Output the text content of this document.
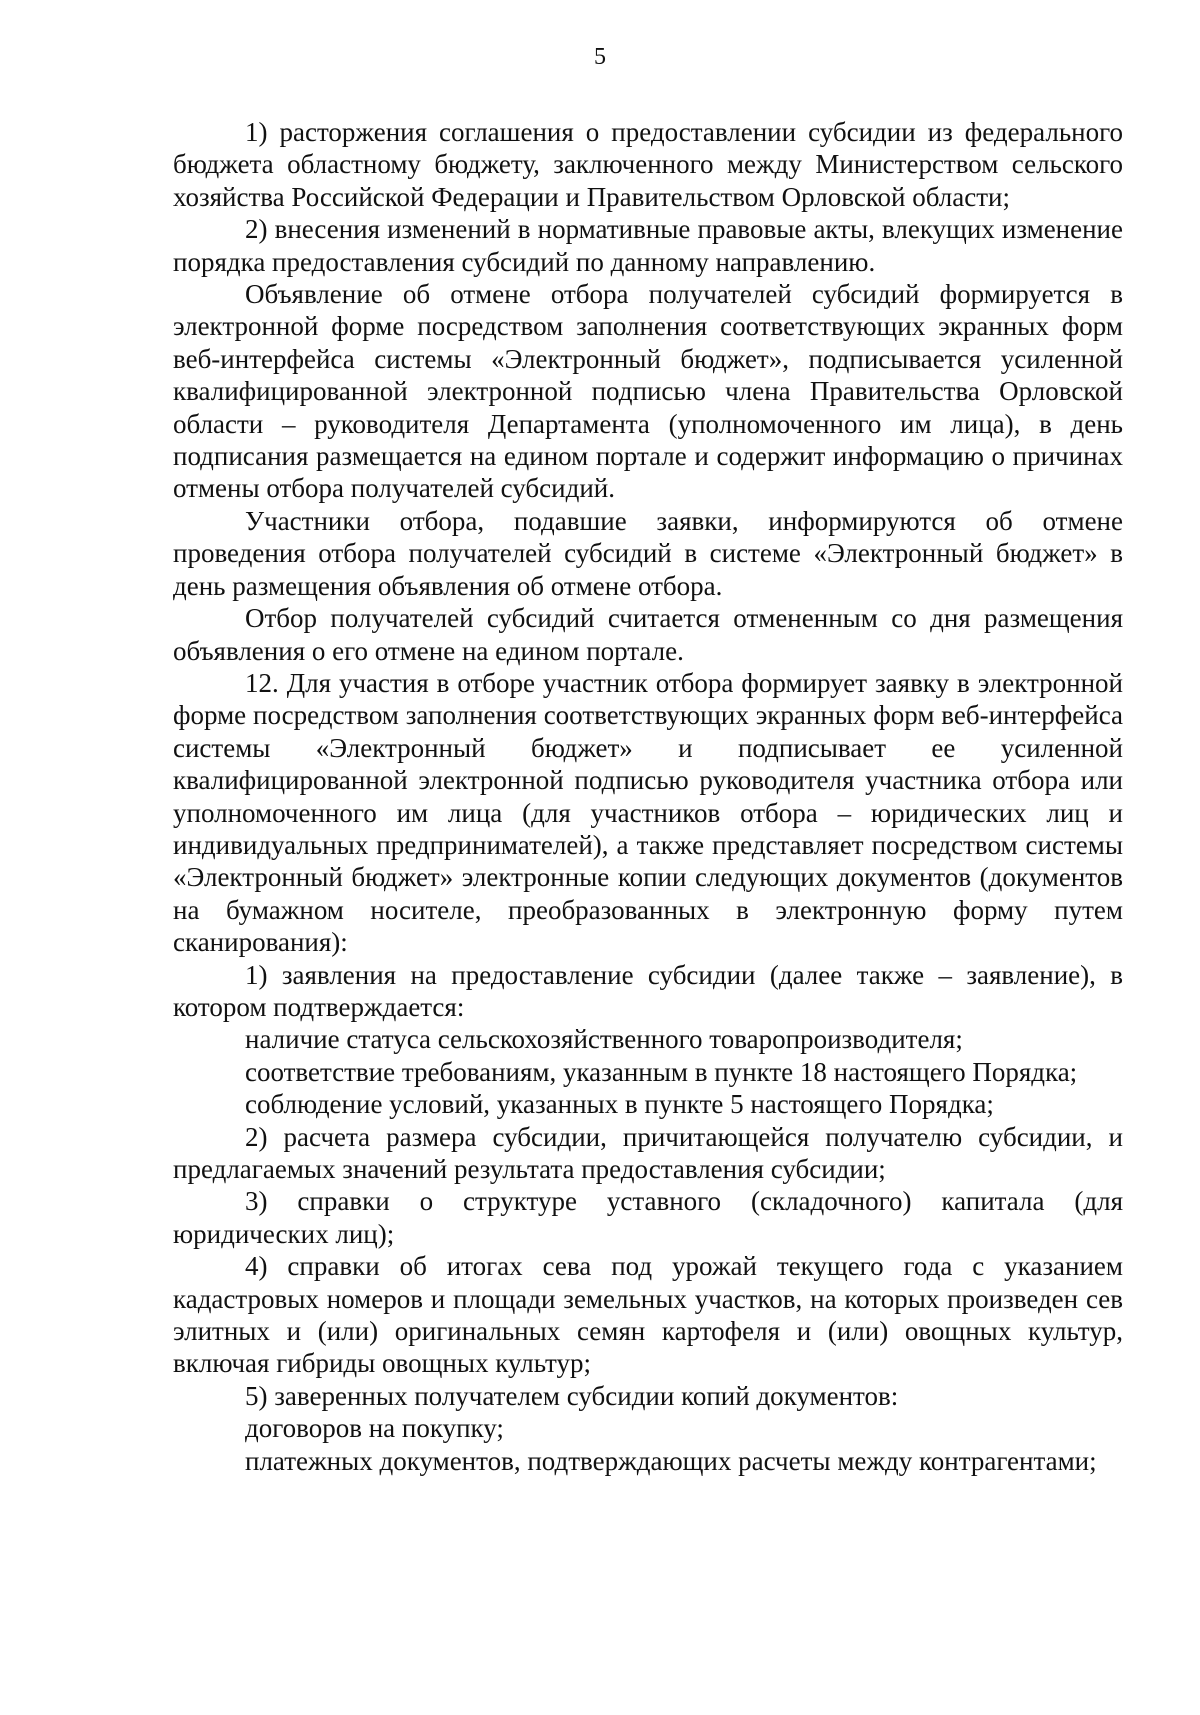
5

1) расторжения соглашения о предоставлении субсидии из федерального бюджета областному бюджету, заключенного между Министерством сельского хозяйства Российской Федерации и Правительством Орловской области;

2) внесения изменений в нормативные правовые акты, влекущих изменение порядка предоставления субсидий по данному направлению.

Объявление об отмене отбора получателей субсидий формируется в электронной форме посредством заполнения соответствующих экранных форм веб-интерфейса системы «Электронный бюджет», подписывается усиленной квалифицированной электронной подписью члена Правительства Орловской области – руководителя Департамента (уполномоченного им лица), в день подписания размещается на едином портале и содержит информацию о причинах отмены отбора получателей субсидий.

Участники отбора, подавшие заявки, информируются об отмене проведения отбора получателей субсидий в системе «Электронный бюджет» в день размещения объявления об отмене отбора.

Отбор получателей субсидий считается отмененным со дня размещения объявления о его отмене на едином портале.

12. Для участия в отборе участник отбора формирует заявку в электронной форме посредством заполнения соответствующих экранных форм веб-интерфейса системы «Электронный бюджет» и подписывает ее усиленной квалифицированной электронной подписью руководителя участника отбора или уполномоченного им лица (для участников отбора – юридических лиц и индивидуальных предпринимателей), а также представляет посредством системы «Электронный бюджет» электронные копии следующих документов (документов на бумажном носителе, преобразованных в электронную форму путем сканирования):

1) заявления на предоставление субсидии (далее также – заявление), в котором подтверждается:

наличие статуса сельскохозяйственного товаропроизводителя;

соответствие требованиям, указанным в пункте 18 настоящего Порядка;

соблюдение условий, указанных в пункте 5 настоящего Порядка;

2) расчета размера субсидии, причитающейся получателю субсидии, и предлагаемых значений результата предоставления субсидии;

3) справки о структуре уставного (складочного) капитала (для юридических лиц);

4) справки об итогах сева под урожай текущего года с указанием кадастровых номеров и площади земельных участков, на которых произведен сев элитных и (или) оригинальных семян картофеля и (или) овощных культур, включая гибриды овощных культур;

5) заверенных получателем субсидии копий документов:

договоров на покупку;

платежных документов, подтверждающих расчеты между контрагентами;
